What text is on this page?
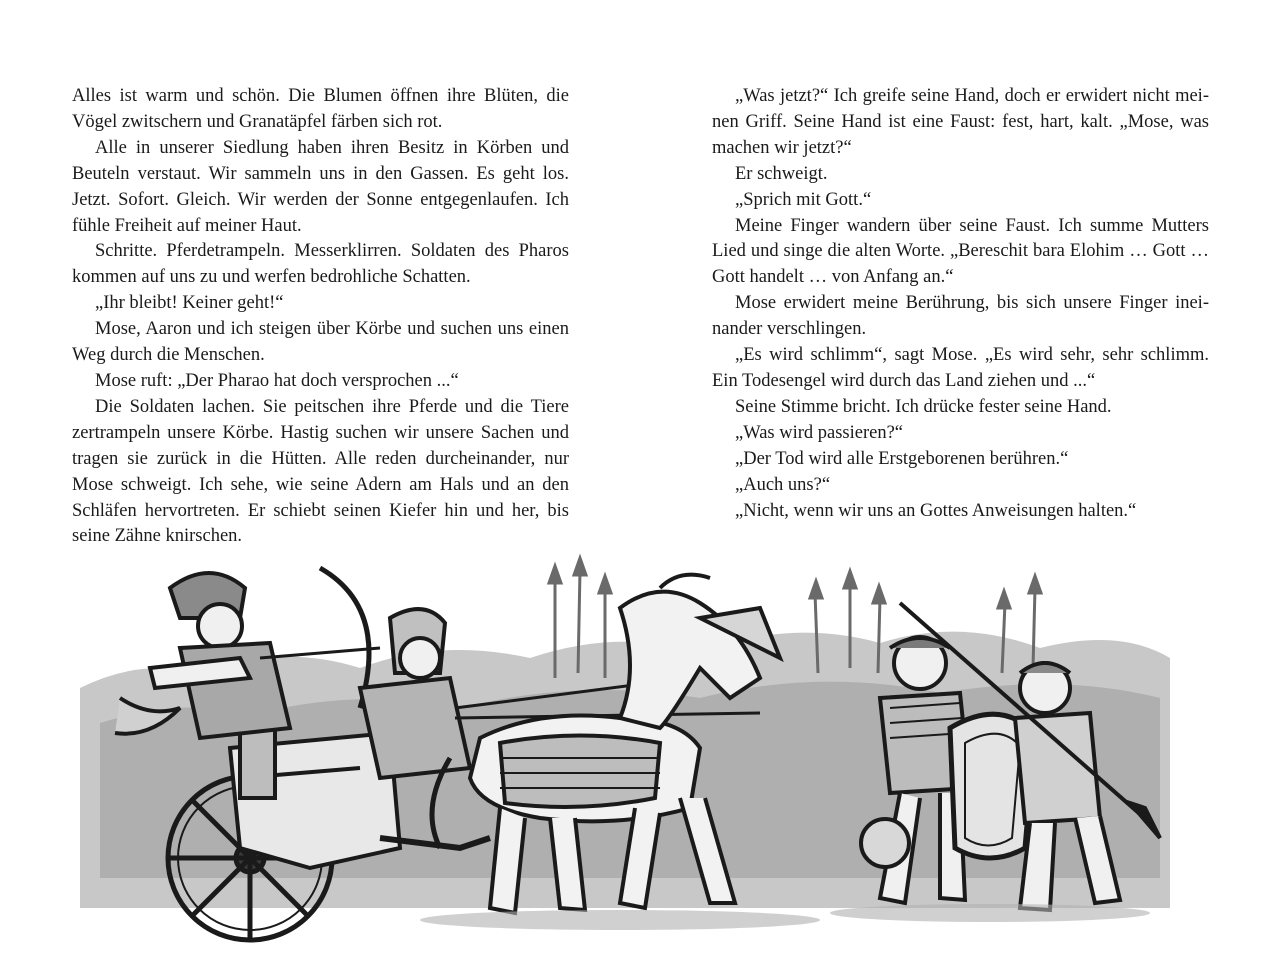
Alles ist warm und schön. Die Blumen öffnen ihre Blüten, die Vögel zwitschern und Granatäpfel färben sich rot.

Alle in unserer Siedlung haben ihren Besitz in Körben und Beuteln verstaut. Wir sammeln uns in den Gassen. Es geht los. Jetzt. Sofort. Gleich. Wir werden der Sonne entgegenlaufen. Ich fühle Freiheit auf meiner Haut.

Schritte. Pferdetrampeln. Messerklirren. Soldaten des Pharos kommen auf uns zu und werfen bedrohliche Schatten.

„Ihr bleibt! Keiner geht!“

Mose, Aaron und ich steigen über Körbe und suchen uns einen Weg durch die Menschen.

Mose ruft: „Der Pharao hat doch versprochen ...“

Die Soldaten lachen. Sie peitschen ihre Pferde und die Tiere zertrampeln unsere Körbe. Hastig suchen wir unsere Sachen und tragen sie zurück in die Hütten. Alle reden durcheinander, nur Mose schweigt. Ich sehe, wie seine Adern am Hals und an den Schläfen hervortreten. Er schiebt seinen Kiefer hin und her, bis seine Zähne knirschen.

„Was jetzt?“ Ich greife seine Hand, doch er erwidert nicht meinen Griff. Seine Hand ist eine Faust: fest, hart, kalt. „Mose, was machen wir jetzt?“

Er schweigt.

„Sprich mit Gott.“

Meine Finger wandern über seine Faust. Ich summe Mutters Lied und singe die alten Worte. „Bereschit bara Elohim … Gott … Gott handelt … von Anfang an.“

Mose erwidert meine Berührung, bis sich unsere Finger ineinander verschlingen.

„Es wird schlimm“, sagt Mose. „Es wird sehr, sehr schlimm. Ein Todesengel wird durch das Land ziehen und ...“

Seine Stimme bricht. Ich drücke fester seine Hand.

„Was wird passieren?“

„Der Tod wird alle Erstgeborenen berühren.“

„Auch uns?“

„Nicht, wenn wir uns an Gottes Anweisungen halten.“
